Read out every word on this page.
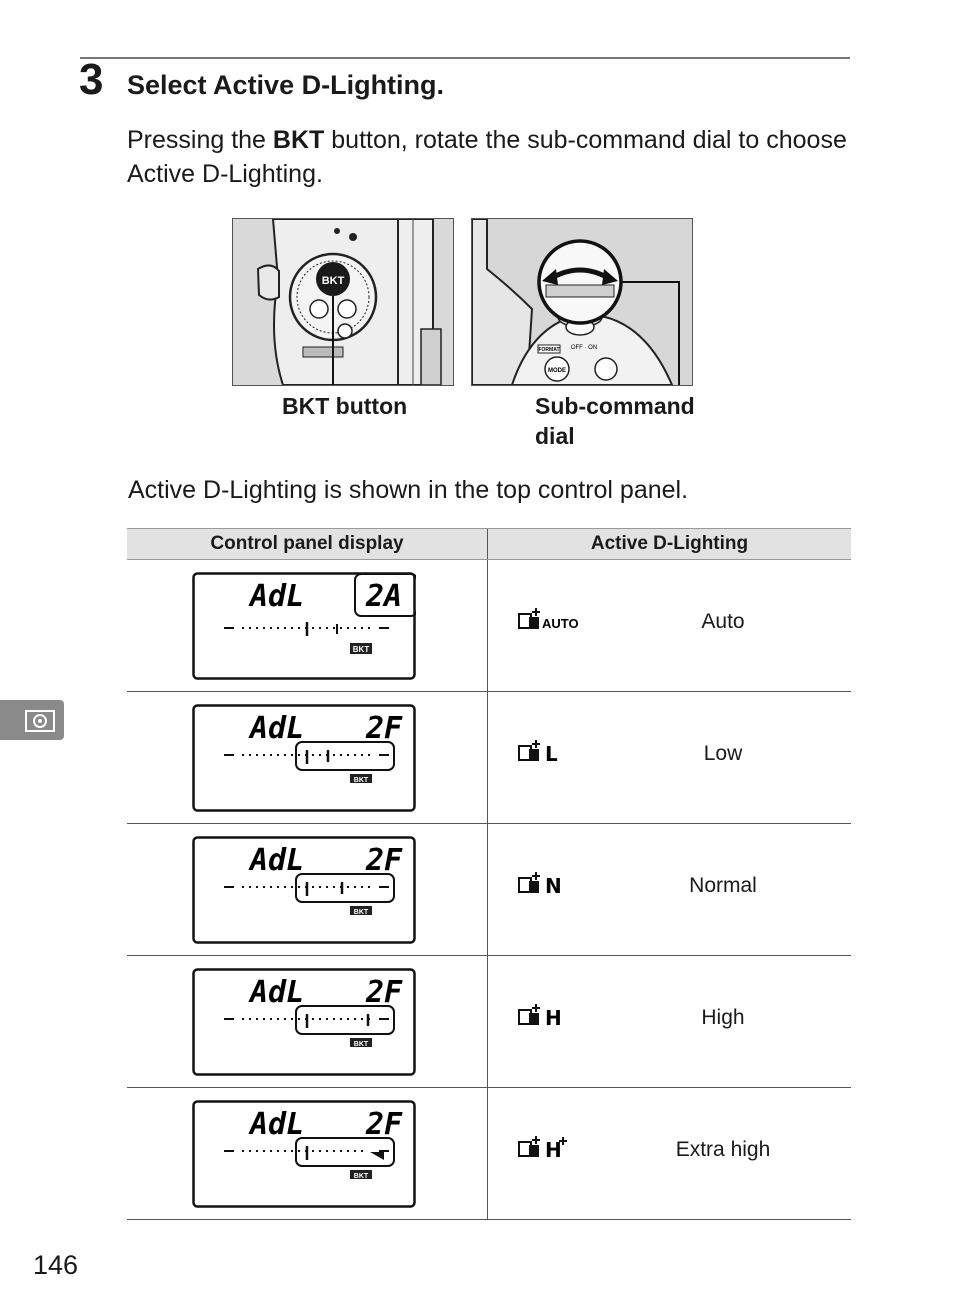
3 Select Active D-Lighting.
Pressing the BKT button, rotate the sub-command dial to choose Active D-Lighting.
BKT
MODE
FORMAT OFF · ON
BKT button	Sub-command
dial
Active D-Lighting is shown in the top control panel.
Control panel display	Active D-Lighting

AdL 2A
BKT	AUTO Auto

AdL 2F
BKT	L Low

AdL 2F
BKT	N Normal

AdL 2F
BKT	H High

AdL 2F
BKT	H Extra high
146
